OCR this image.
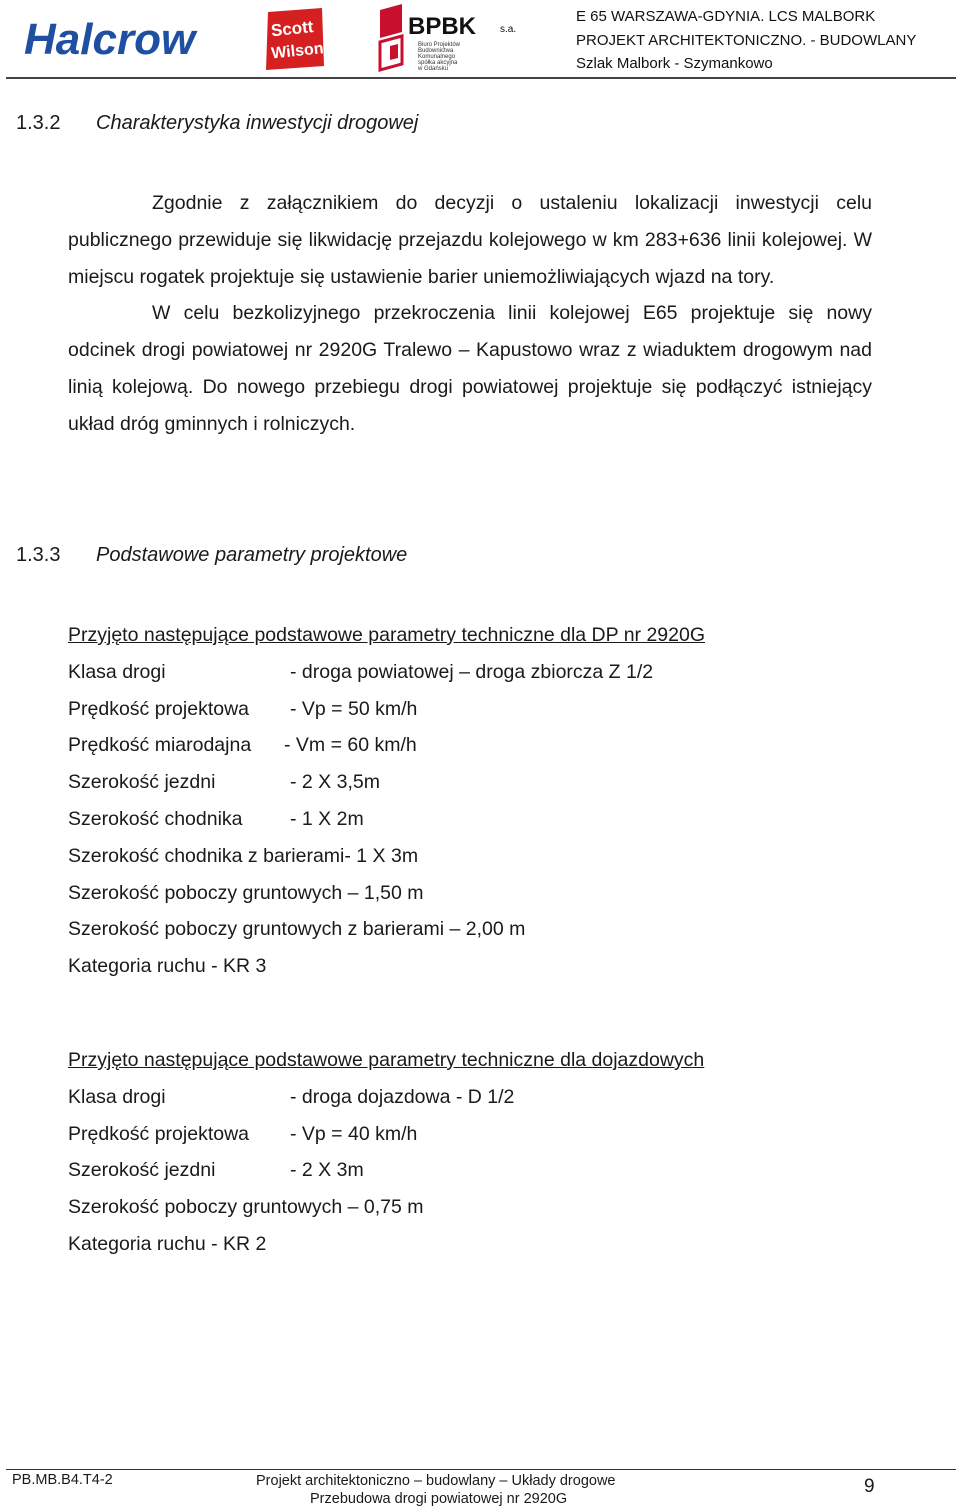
Halcrow	Scott
Wilson
BPBK s.a.
Biuro Projektów
Budownictwa
Komunalnego
spółka akcyjna
w Gdańsku
E 65 WARSZAWA-GDYNIA. LCS MALBORK
PROJEKT ARCHITEKTONICZNO. - BUDOWLANY
Szlak Malbork - Szymankowo
1.3.2 Charakterystyka inwestycji drogowej

Zgodnie z załącznikiem do decyzji o ustaleniu lokalizacji inwestycji celu publicznego przewiduje się likwidację przejazdu kolejowego w km 283+636 linii kolejowej. W miejscu rogatek projektuje się ustawienie barier uniemożliwiających wjazd na tory.

W celu bezkolizyjnego przekroczenia linii kolejowej E65 projektuje się nowy odcinek drogi powiatowej nr 2920G Tralewo – Kapustowo wraz z wiaduktem drogowym nad linią kolejową. Do nowego przebiegu drogi powiatowej projektuje się podłączyć istniejący układ dróg gminnych i rolniczych.

1.3.3 Podstawowe parametry projektowe
Przyjęto następujące podstawowe parametry techniczne dla DP nr 2920G
Klasa drogi	- droga powiatowej – droga zbiorcza Z 1/2
Prędkość projektowa - Vp = 50 km/h
Prędkość miarodajna - Vm = 60 km/h
Szerokość jezdni	- 2 X 3,5m
Szerokość chodnika - 1 X 2m
Szerokość chodnika z barierami- 1 X 3m
Szerokość poboczy gruntowych – 1,50 m
Szerokość poboczy gruntowych z barierami – 2,00 m
Kategoria ruchu - KR 3
Przyjęto następujące podstawowe parametry techniczne dla dojazdowych
Klasa drogi	- droga dojazdowa - D 1/2
Prędkość projektowa - Vp = 40 km/h
Szerokość jezdni	- 2 X 3m
Szerokość poboczy gruntowych – 0,75 m
Kategoria ruchu - KR 2
PB.MB.B4.T4-2	Projekt architektoniczno – budowlany – Układy drogowe
Przebudowa drogi powiatowej nr 2920G
9
